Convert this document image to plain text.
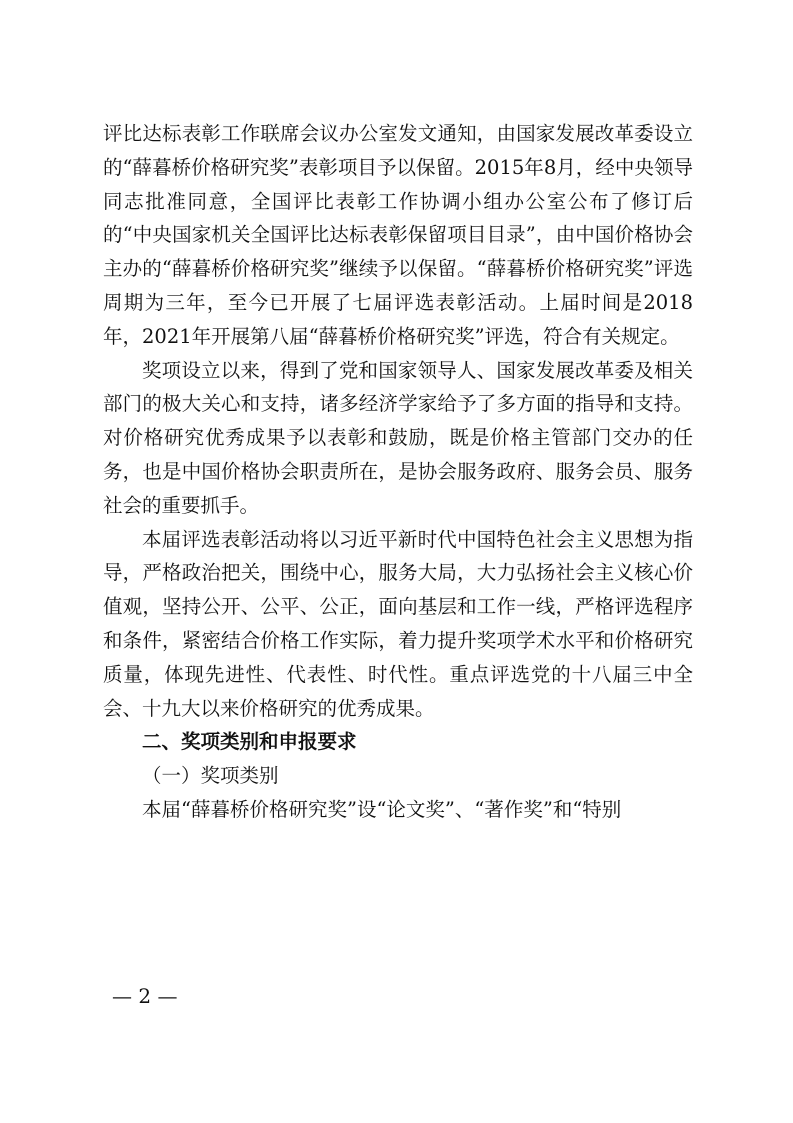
评比达标表彰工作联席会议办公室发文通知，由国家发展改革委设立的“薛暮桥价格研究奖”表彰项目予以保留。2015年8月，经中央领导同志批准同意，全国评比表彰工作协调小组办公室公布了修订后的“中央国家机关全国评比达标表彰保留项目目录”，由中国价格协会主办的“薛暮桥价格研究奖”继续予以保留。“薛暮桥价格研究奖”评选周期为三年，至今已开展了七届评选表彰活动。上届时间是2018年，2021年开展第八届“薛暮桥价格研究奖”评选，符合有关规定。

奖项设立以来，得到了党和国家领导人、国家发展改革委及相关部门的极大关心和支持，诸多经济学家给予了多方面的指导和支持。对价格研究优秀成果予以表彰和鼓励，既是价格主管部门交办的任务，也是中国价格协会职责所在，是协会服务政府、服务会员、服务社会的重要抓手。

本届评选表彰活动将以习近平新时代中国特色社会主义思想为指导，严格政治把关，围绕中心，服务大局，大力弘扬社会主义核心价值观，坚持公开、公平、公正，面向基层和工作一线，严格评选程序和条件，紧密结合价格工作实际，着力提升奖项学术水平和价格研究质量，体现先进性、代表性、时代性。重点评选党的十八届三中全会、十九大以来价格研究的优秀成果。

二、奖项类别和申报要求
（一）奖项类别

本届“薛暮桥价格研究奖”设“论文奖”、“著作奖”和“特别

— 2 —
